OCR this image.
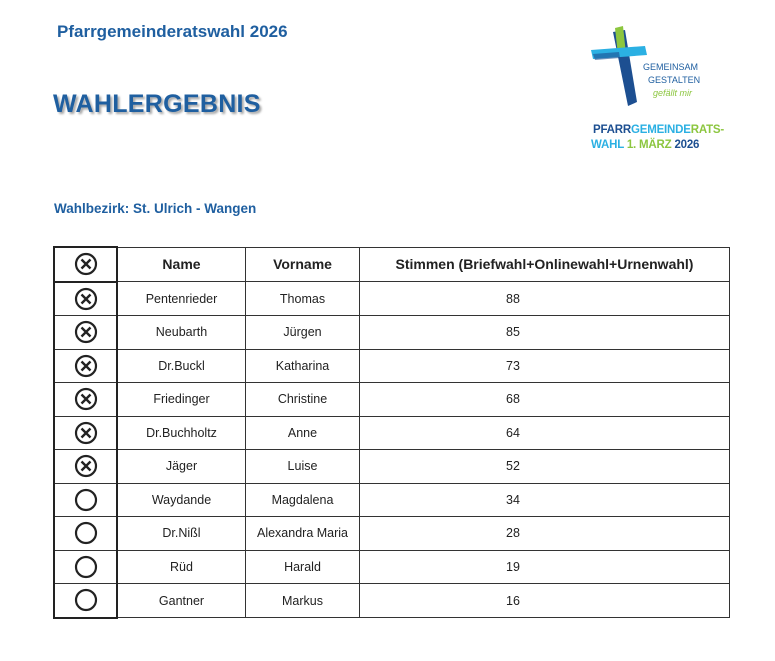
Pfarrgemeinderatswahl 2026
WAHLERGEBNIS
Wahlbezirk: St. Ulrich - Wangen
GEMEINSAM
GESTALTEN
gefällt mir
PFARRGEMEINDERATS-
WAHL 1. MÄRZ 2026
	Name	Vorname	Stimmen (Briefwahl+Onlinewahl+Urnenwahl)

	Pentenrieder	Thomas	88

	Neubarth	Jürgen	85

	Dr.Buckl	Katharina	73

	Friedinger	Christine	68

	Dr.Buchholtz	Anne	64

	Jäger	Luise	52

	Waydande	Magdalena	34

	Dr.Nißl	Alexandra Maria	28

	Rüd	Harald	19

	Gantner	Markus	16
